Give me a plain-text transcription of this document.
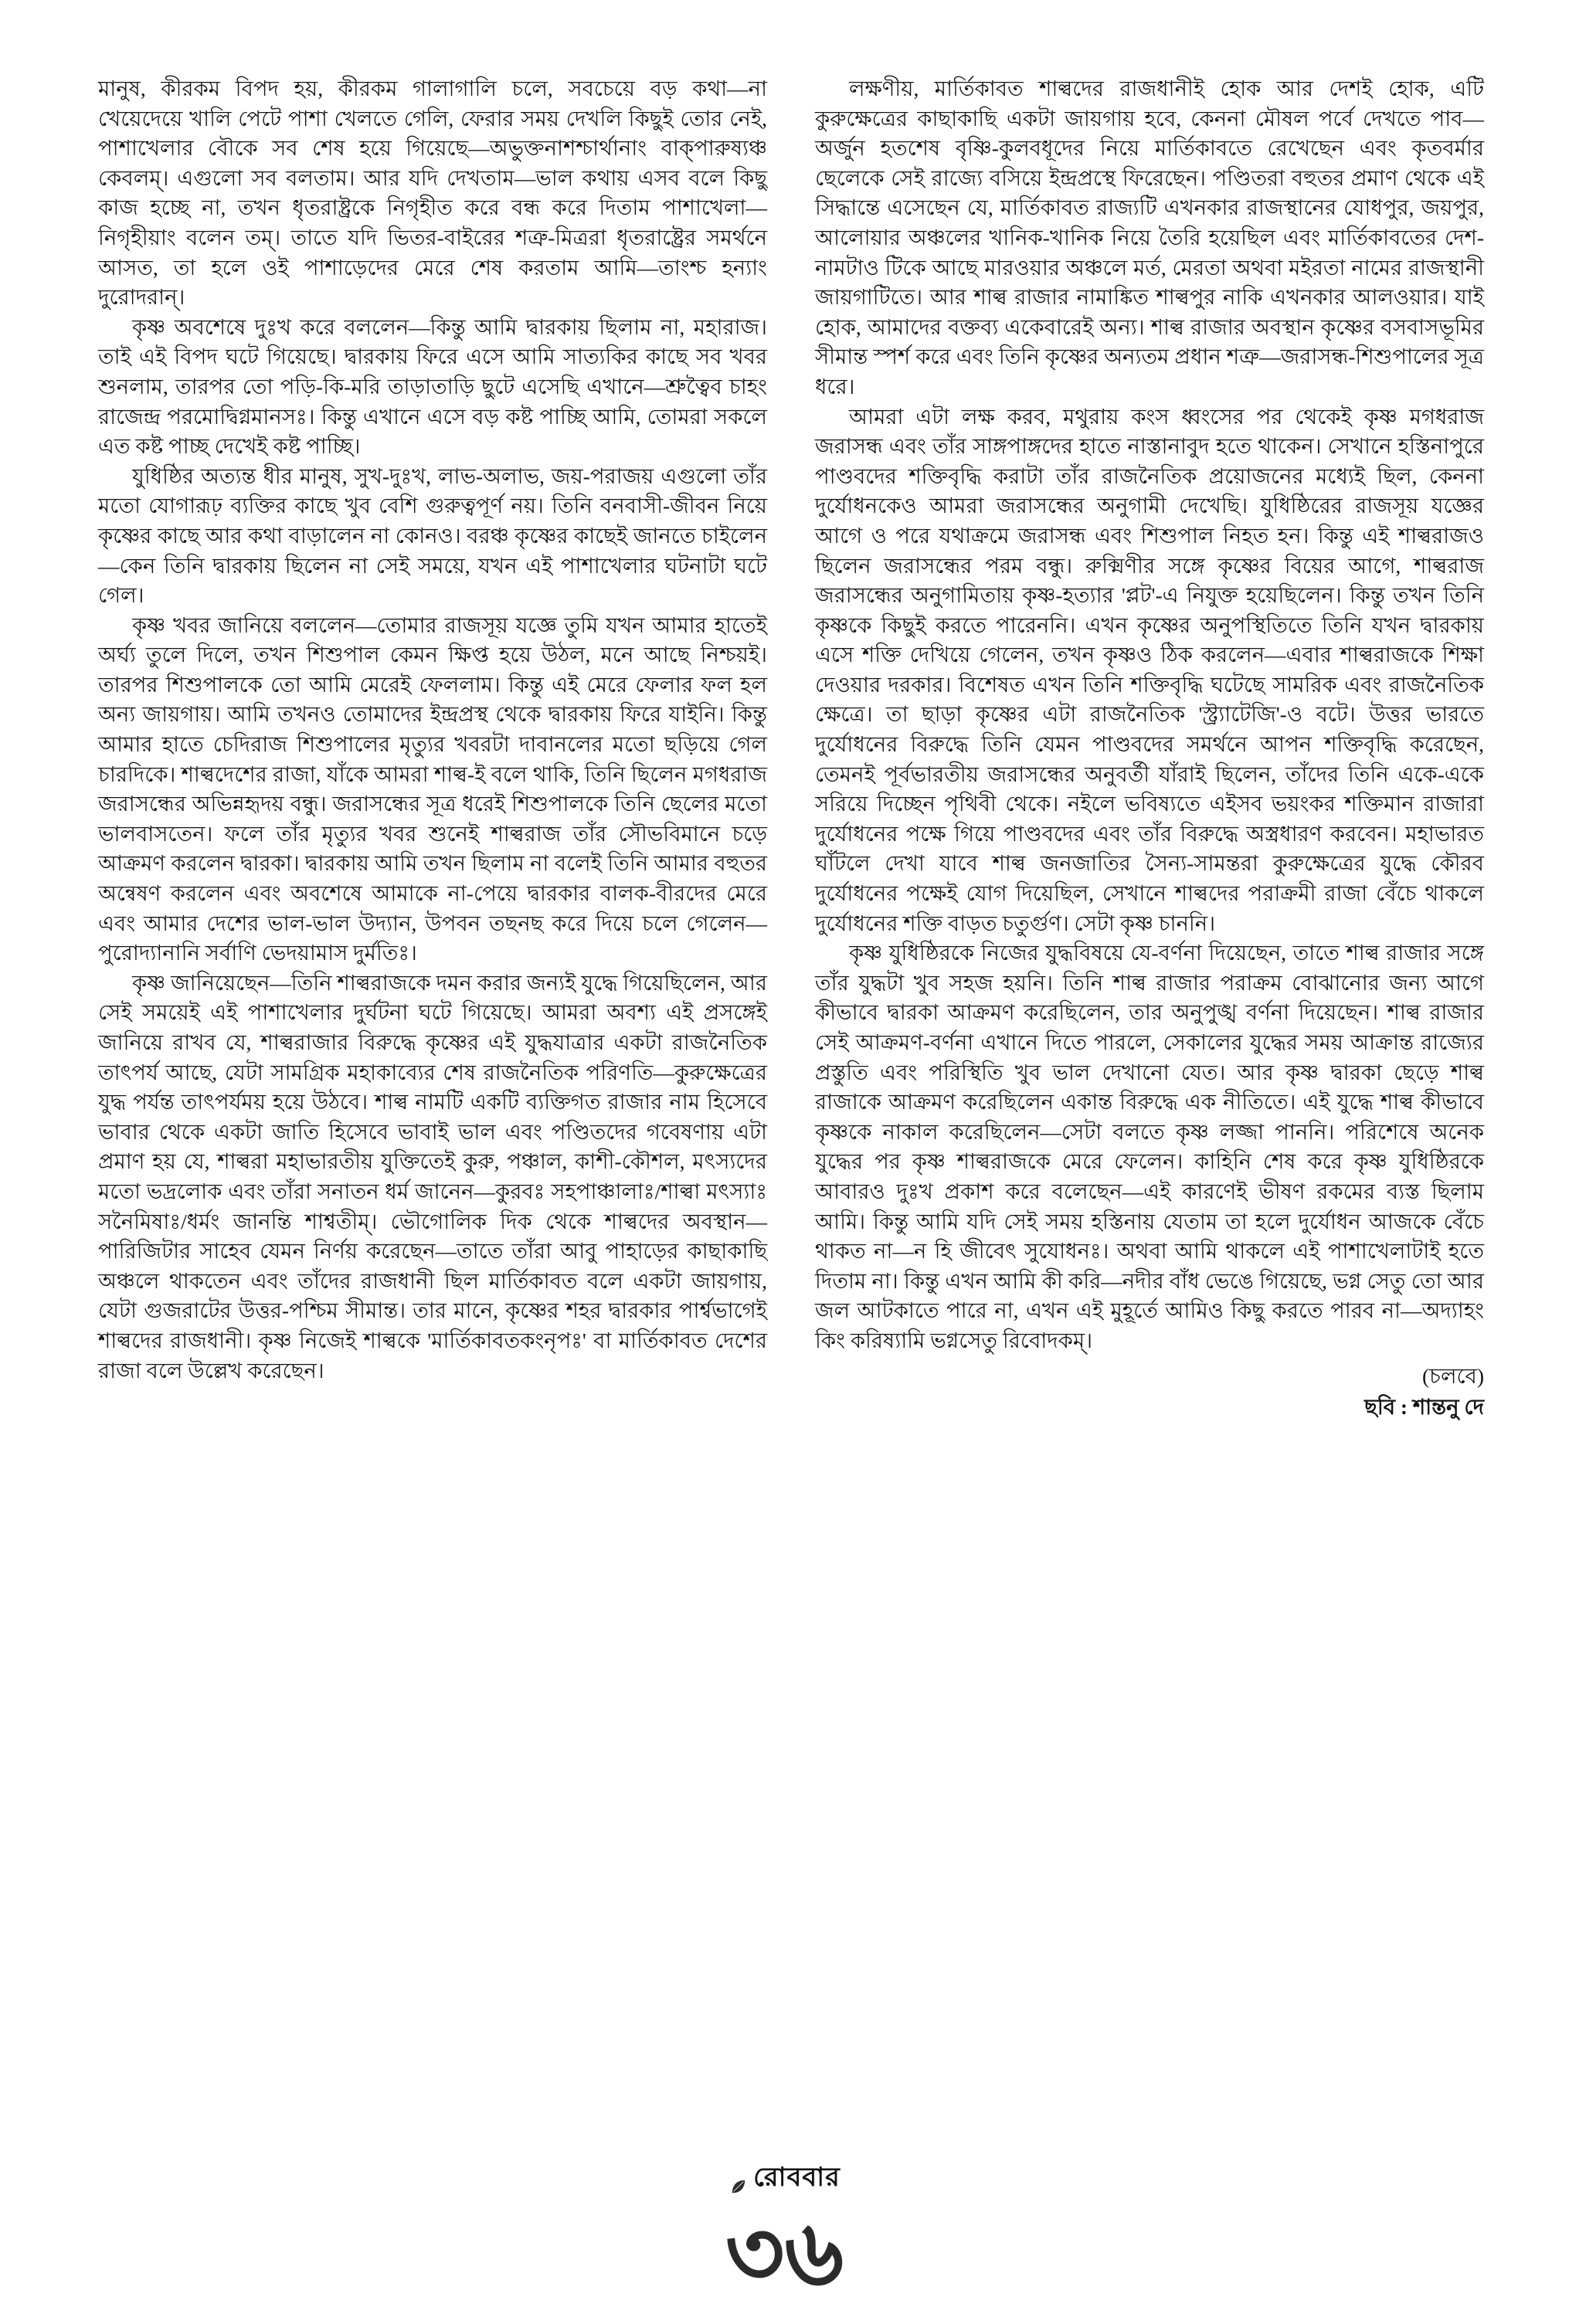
মানুষ, কীরকম বিপদ হয়, কীরকম গালাগালি চলে, সবচেয়ে বড় কথা—না খেয়েদেয়ে খালি পেটে পাশা খেলতে গেলি, ফেরার সময় দেখলি কিছুই তোর নেই, পাশাখেলার বৌকে সব শেষ হয়ে গিয়েছে—অভুক্তনাশশ্চার্থানাং বাক্‌পারুষ্যঞ্চ কেবলম্‌। এগুলো সব বলতাম। আর যদি দেখতাম—ভাল কথায় এসব বলে কিছু কাজ হচ্ছে না, তখন ধৃতরাষ্ট্রকে নিগৃহীত করে বন্ধ করে দিতাম পাশাখেলা—নিগৃহীয়াং বলেন তম্‌। তাতে যদি ভিতর-বাইরের শত্রু-মিত্ররা ধৃতরাষ্ট্রের সমর্থনে আসত, তা হলে ওই পাশাড়েদের মেরে শেষ করতাম আমি—তাংশ্চ হন্যাং দুরোদরান্‌।

কৃষ্ণ অবশেষে দুঃখ করে বললেন—কিন্তু আমি দ্বারকায় ছিলাম না, মহারাজ। তাই এই বিপদ ঘটে গিয়েছে। দ্বারকায় ফিরে এসে আমি সাত্যকির কাছে সব খবর শুনলাম, তারপর তো পড়ি-কি-মরি তাড়াতাড়ি ছুটে এসেছি এখানে—শ্রুত্বৈব চাহং রাজেন্দ্র পরমোদ্বিগ্নমানসঃ। কিন্তু এখানে এসে বড় কষ্ট পাচ্ছি আমি, তোমরা সকলে এত কষ্ট পাচ্ছ দেখেই কষ্ট পাচ্ছি।

যুধিষ্ঠির অত্যন্ত ধীর মানুষ, সুখ-দুঃখ, লাভ-অলাভ, জয়-পরাজয় এগুলো তাঁর মতো যোগারূঢ় ব্যক্তির কাছে খুব বেশি গুরুত্বপূর্ণ নয়। তিনি বনবাসী-জীবন নিয়ে কৃষ্ণের কাছে আর কথা বাড়ালেন না কোনও। বরঞ্চ কৃষ্ণের কাছেই জানতে চাইলেন—কেন তিনি দ্বারকায় ছিলেন না সেই সময়ে, যখন এই পাশাখেলার ঘটনাটা ঘটে গেল।

কৃষ্ণ খবর জানিয়ে বললেন—তোমার রাজসূয় যজ্ঞে তুমি যখন আমার হাতেই অর্ঘ্য তুলে দিলে, তখন শিশুপাল কেমন ক্ষিপ্ত হয়ে উঠল, মনে আছে নিশ্চয়ই। তারপর শিশুপালকে তো আমি মেরেই ফেললাম। কিন্তু এই মেরে ফেলার ফল হল অন্য জায়গায়। আমি তখনও তোমাদের ইন্দ্রপ্রস্থ থেকে দ্বারকায় ফিরে যাইনি। কিন্তু আমার হাতে চেদিরাজ শিশুপালের মৃত্যুর খবরটা দাবানলের মতো ছড়িয়ে গেল চারদিকে। শাল্বদেশের রাজা, যাঁকে আমরা শাল্ব-ই বলে থাকি, তিনি ছিলেন মগধরাজ জরাসন্ধের অভিন্নহৃদয় বন্ধু। জরাসন্ধের সূত্র ধরেই শিশুপালকে তিনি ছেলের মতো ভালবাসতেন। ফলে তাঁর মৃত্যুর খবর শুনেই শাল্বরাজ তাঁর সৌভবিমানে চড়ে আক্রমণ করলেন দ্বারকা। দ্বারকায় আমি তখন ছিলাম না বলেই তিনি আমার বহুতর অন্বেষণ করলেন এবং অবশেষে আমাকে না-পেয়ে দ্বারকার বালক-বীরদের মেরে এবং আমার দেশের ভাল-ভাল উদ্যান, উপবন তছনছ করে দিয়ে চলে গেলেন—পুরোদ্যানানি সর্বাণি ভেদয়ামাস দুর্মতিঃ।

কৃষ্ণ জানিয়েছেন—তিনি শাল্বরাজকে দমন করার জন্যই যুদ্ধে গিয়েছিলেন, আর সেই সময়েই এই পাশাখেলার দুর্ঘটনা ঘটে গিয়েছে। আমরা অবশ্য এই প্রসঙ্গেই জানিয়ে রাখব যে, শাল্বরাজার বিরুদ্ধে কৃষ্ণের এই যুদ্ধযাত্রার একটা রাজনৈতিক তাৎপর্য আছে, যেটা সামগ্রিক মহাকাব্যের শেষ রাজনৈতিক পরিণতি—কুরুক্ষেত্রের যুদ্ধ পর্যন্ত তাৎপর্যময় হয়ে উঠবে। শাল্ব নামটি একটি ব্যক্তিগত রাজার নাম হিসেবে ভাবার থেকে একটা জাতি হিসেবে ভাবাই ভাল এবং পণ্ডিতদের গবেষণায় এটা প্রমাণ হয় যে, শাল্বরা মহাভারতীয় যুক্তিতেই কুরু, পঞ্চাল, কাশী-কৌশল, মৎস্যদের মতো ভদ্রলোক এবং তাঁরা সনাতন ধর্ম জানেন—কুরবঃ সহপাঞ্চালাঃ/শাল্বা মৎস্যাঃ সনৈমিষাঃ/ধর্মং জানন্তি শাশ্বতীম্‌। ভৌগোলিক দিক থেকে শাল্বদের অবস্থান—পারিজিটার সাহেব যেমন নির্ণয় করেছেন—তাতে তাঁরা আবু পাহাড়ের কাছাকাছি অঞ্চলে থাকতেন এবং তাঁদের রাজধানী ছিল মার্তিকাবত বলে একটা জায়গায়, যেটা গুজরাটের উত্তর-পশ্চিম সীমান্ত। তার মানে, কৃষ্ণের শহর দ্বারকার পার্শ্বভাগেই শাল্বদের রাজধানী। কৃষ্ণ নিজেই শাল্বকে 'মার্তিকাবতকংনৃপঃ' বা মার্তিকাবত দেশের রাজা বলে উল্লেখ করেছেন।

লক্ষণীয়, মার্তিকাবত শাল্বদের রাজধানীই হোক আর দেশই হোক, এটি কুরুক্ষেত্রের কাছাকাছি একটা জায়গায় হবে, কেননা মৌষল পর্বে দেখতে পাব—অর্জুন হতশেষ বৃষ্ণি-কুলবধূদের নিয়ে মার্তিকাবতে রেখেছেন এবং কৃতবর্মার ছেলেকে সেই রাজ্যে বসিয়ে ইন্দ্রপ্রস্থে ফিরেছেন। পণ্ডিতরা বহুতর প্রমাণ থেকে এই সিদ্ধান্তে এসেছেন যে, মার্তিকাবত রাজ্যটি এখনকার রাজস্থানের যোধপুর, জয়পুর, আলোয়ার অঞ্চলের খানিক-খানিক নিয়ে তৈরি হয়েছিল এবং মার্তিকাবতের দেশ-নামটাও টিকে আছে মারওয়ার অঞ্চলে মর্ত, মেরতা অথবা মইরতা নামের রাজস্থানী জায়গাটিতে। আর শাল্ব রাজার নামাঙ্কিত শাল্বপুর নাকি এখনকার আলওয়ার। যাই হোক, আমাদের বক্তব্য একেবারেই অন্য। শাল্ব রাজার অবস্থান কৃষ্ণের বসবাসভূমির সীমান্ত স্পর্শ করে এবং তিনি কৃষ্ণের অন্যতম প্রধান শত্রু—জরাসন্ধ-শিশুপালের সূত্র ধরে।

আমরা এটা লক্ষ করব, মথুরায় কংস ধ্বংসের পর থেকেই কৃষ্ণ মগধরাজ জরাসন্ধ এবং তাঁর সাঙ্গপাঙ্গদের হাতে নাস্তানাবুদ হতে থাকেন। সেখানে হস্তিনাপুরে পাণ্ডবদের শক্তিবৃদ্ধি করাটা তাঁর রাজনৈতিক প্রয়োজনের মধ্যেই ছিল, কেননা দুর্যোধনকেও আমরা জরাসন্ধের অনুগামী দেখেছি। যুধিষ্ঠিরের রাজসূয় যজ্ঞের আগে ও পরে যথাক্রমে জরাসন্ধ এবং শিশুপাল নিহত হন। কিন্তু এই শাল্বরাজও ছিলেন জরাসন্ধের পরম বন্ধু। রুক্মিণীর সঙ্গে কৃষ্ণের বিয়ের আগে, শাল্বরাজ জরাসন্ধের অনুগামিতায় কৃষ্ণ-হত্যার 'প্লট'-এ নিযুক্ত হয়েছিলেন। কিন্তু তখন তিনি কৃষ্ণকে কিছুই করতে পারেননি। এখন কৃষ্ণের অনুপস্থিতিতে তিনি যখন দ্বারকায় এসে শক্তি দেখিয়ে গেলেন, তখন কৃষ্ণও ঠিক করলেন—এবার শাল্বরাজকে শিক্ষা দেওয়ার দরকার। বিশেষত এখন তিনি শক্তিবৃদ্ধি ঘটেছে সামরিক এবং রাজনৈতিক ক্ষেত্রে। তা ছাড়া কৃষ্ণের এটা রাজনৈতিক 'স্ট্র্যাটেজি'-ও বটে। উত্তর ভারতে দুর্যোধনের বিরুদ্ধে তিনি যেমন পাণ্ডবদের সমর্থনে আপন শক্তিবৃদ্ধি করেছেন, তেমনই পূর্বভারতীয় জরাসন্ধের অনুবর্তী যাঁরাই ছিলেন, তাঁদের তিনি একে-একে সরিয়ে দিচ্ছেন পৃথিবী থেকে। নইলে ভবিষ্যতে এইসব ভয়ংকর শক্তিমান রাজারা দুর্যোধনের পক্ষে গিয়ে পাণ্ডবদের এবং তাঁর বিরুদ্ধে অস্ত্রধারণ করবেন। মহাভারত ঘাঁটলে দেখা যাবে শাল্ব জনজাতির সৈন্য-সামন্তরা কুরুক্ষেত্রের যুদ্ধে কৌরব দুর্যোধনের পক্ষেই যোগ দিয়েছিল, সেখানে শাল্বদের পরাক্রমী রাজা বেঁচে থাকলে দুর্যোধনের শক্তি বাড়ত চতুর্গুণ। সেটা কৃষ্ণ চাননি।

কৃষ্ণ যুধিষ্ঠিরকে নিজের যুদ্ধবিষয়ে যে-বর্ণনা দিয়েছেন, তাতে শাল্ব রাজার সঙ্গে তাঁর যুদ্ধটা খুব সহজ হয়নি। তিনি শাল্ব রাজার পরাক্রম বোঝানোর জন্য আগে কীভাবে দ্বারকা আক্রমণ করেছিলেন, তার অনুপুঙ্খ বর্ণনা দিয়েছেন। শাল্ব রাজার সেই আক্রমণ-বর্ণনা এখানে দিতে পারলে, সেকালের যুদ্ধের সময় আক্রান্ত রাজ্যের প্রস্তুতি এবং পরিস্থিতি খুব ভাল দেখানো যেত। আর কৃষ্ণ দ্বারকা ছেড়ে শাল্ব রাজাকে আক্রমণ করেছিলেন একান্ত বিরুদ্ধে এক নীতিতে। এই যুদ্ধে শাল্ব কীভাবে কৃষ্ণকে নাকাল করেছিলেন—সেটা বলতে কৃষ্ণ লজ্জা পাননি। পরিশেষে অনেক যুদ্ধের পর কৃষ্ণ শাল্বরাজকে মেরে ফেলেন। কাহিনি শেষ করে কৃষ্ণ যুধিষ্ঠিরকে আবারও দুঃখ প্রকাশ করে বলেছেন—এই কারণেই ভীষণ রকমের ব্যস্ত ছিলাম আমি। কিন্তু আমি যদি সেই সময় হস্তিনায় যেতাম তা হলে দুর্যোধন আজকে বেঁচে থাকত না—ন হি জীবেৎ সুযোধনঃ। অথবা আমি থাকলে এই পাশাখেলাটাই হতে দিতাম না। কিন্তু এখন আমি কী করি—নদীর বাঁধ ভেঙে গিয়েছে, ভগ্ন সেতু তো আর জল আটকাতে পারে না, এখন এই মুহূর্তে আমিও কিছু করতে পারব না—অদ্যাহং কিং করিষ্যামি ভগ্নসেতু রিবোদকম্‌।

(চলবে)
ছবি : শান্তনু দে
রোববার
৩৬
